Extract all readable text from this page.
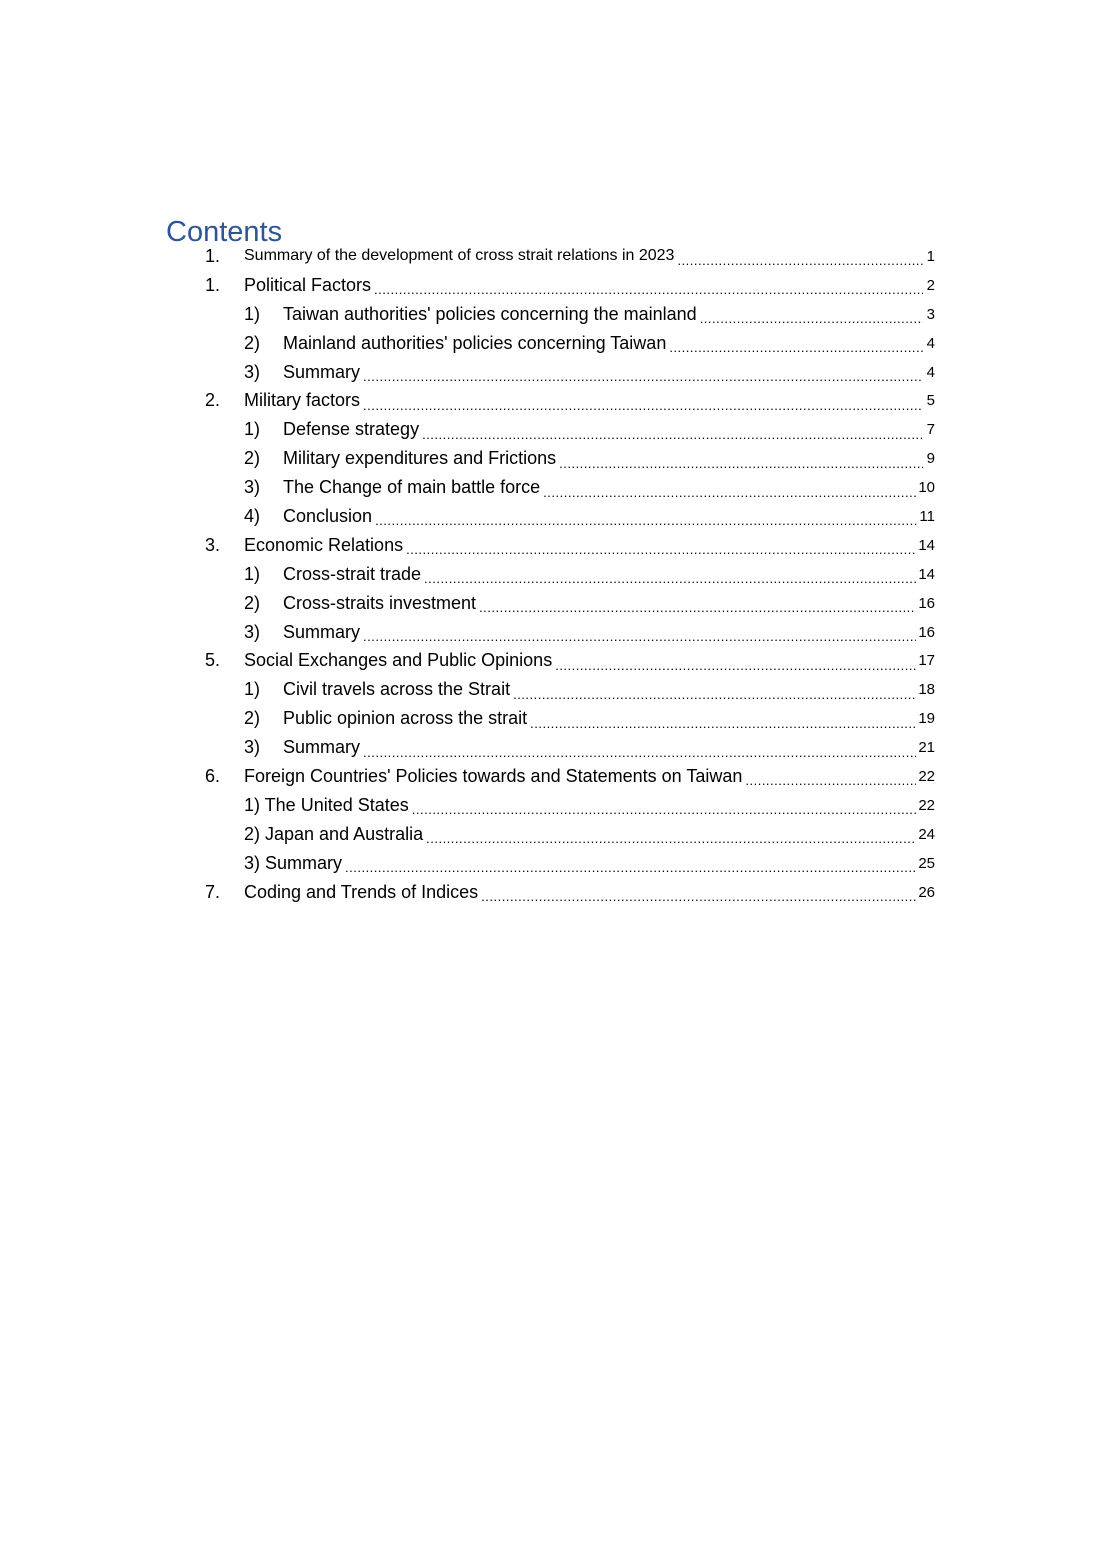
Contents
1.	Summary of the development of cross strait relations in 2023 .....	1
1.	Political Factors .....	2
1)	Taiwan authorities' policies concerning the mainland .....	3
2)	Mainland authorities' policies concerning Taiwan .....	4
3)	Summary .....	4
2.	Military factors .....	5
1)	Defense strategy .....	7
2)	Military expenditures and Frictions .....	9
3)	The Change of main battle force .....	10
4)	Conclusion .....	11
3.	Economic Relations .....	14
1)	Cross-strait trade .....	14
2)	Cross-straits investment .....	16
3)	Summary .....	16
5.	Social Exchanges and Public Opinions .....	17
1)	Civil travels across the Strait .....	18
2)	Public opinion across the strait .....	19
3)	Summary .....	21
6.	Foreign Countries' Policies towards and Statements on Taiwan .....	22
1) The United States .....	22
2) Japan and Australia .....	24
3) Summary .....	25
7.	Coding and Trends of Indices .....	26
